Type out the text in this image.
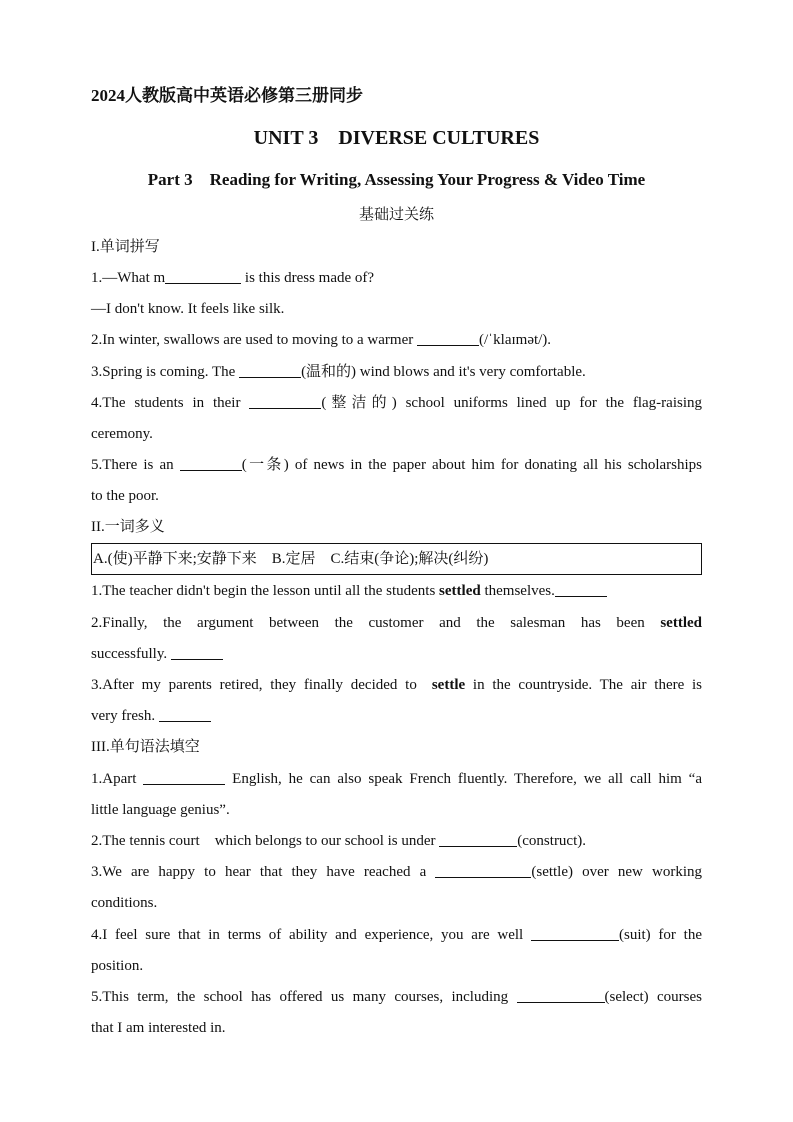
2024人教版高中英语必修第三册同步
UNIT 3 DIVERSE CULTURES
Part 3 Reading for Writing, Assessing Your Progress & Video Time
基础过关练
I.单词拼写
1.—What m	is this dress made of?
—I don't know. It feels like silk.
2.In winter, swallows are used to moving to a warmer	(/ˈklaɪmət/).
3.Spring is coming. The	(温和的) wind blows and it's very comfortable.
4.The students in their	(整洁的) school uniforms lined up for the flag-raising
ceremony.
5.There is an	(一条) of news in the paper about him for donating all his scholarships
to the poor.
II.一词多义
A.(使)平静下来;安静下来 B.定居 C.结束(争论);解决(纠纷)
1.The teacher didn't begin the lesson until all the students settled themselves.
2.Finally, the argument between the customer and the salesman has been settled
successfully.
3.After my parents retired, they finally decided to settle in the countryside. The air there is
very fresh.
III.单句语法填空
1.Apart	English, he can also speak French fluently. Therefore, we all call him “a
little language genius”.
2.The tennis court which belongs to our school is under	(construct).
3.We are happy to hear that they have reached a	(settle) over new working
conditions.
4.I feel sure that in terms of ability and experience, you are well	(suit) for the
position.
5.This term, the school has offered us many courses, including	(select) courses
that I am interested in.
